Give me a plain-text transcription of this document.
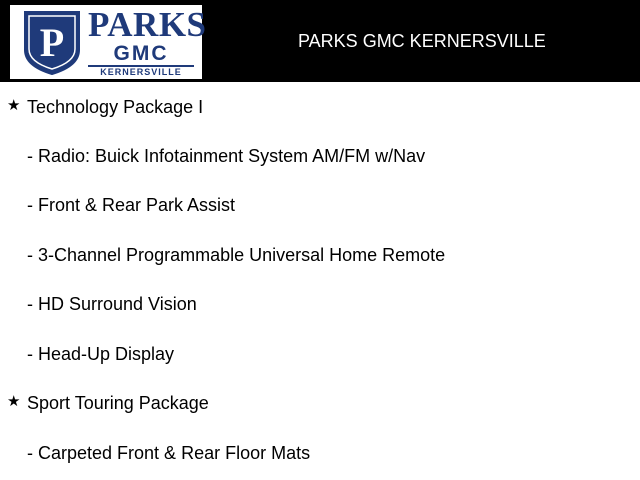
P PARKS
GMC
KERNERSVILLE
PARKS GMC KERNERSVILLE
★ Technology Package I
- Radio: Buick Infotainment System AM/FM w/Nav
- Front & Rear Park Assist
- 3-Channel Programmable Universal Home Remote
- HD Surround Vision
- Head-Up Display
★ Sport Touring Package
- Carpeted Front & Rear Floor Mats
